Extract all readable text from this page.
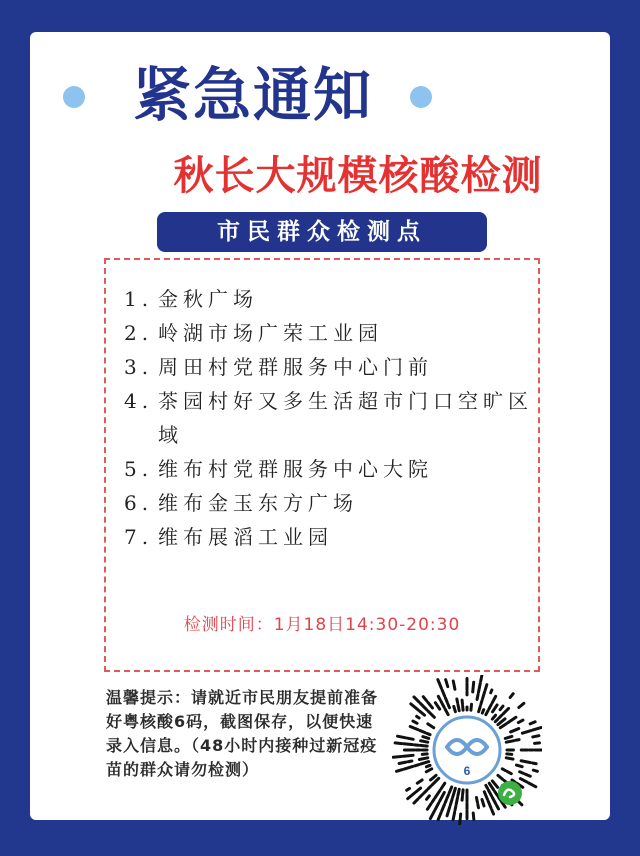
紧急通知
秋长大规模核酸检测
市民群众检测点
1. 金秋广场
2. 岭湖市场广荣工业园
3. 周田村党群服务中心门前
4. 茶园村好又多生活超市门口空旷区域
5. 维布村党群服务中心大院
6. 维布金玉东方广场
7. 维布展滔工业园
检测时间：1月18日14:30-20:30
温馨提示：请就近市民朋友提前准备好粤核酸6码，截图保存，以便快速录入信息。（48小时内接种过新冠疫苗的群众请勿检测）	6
